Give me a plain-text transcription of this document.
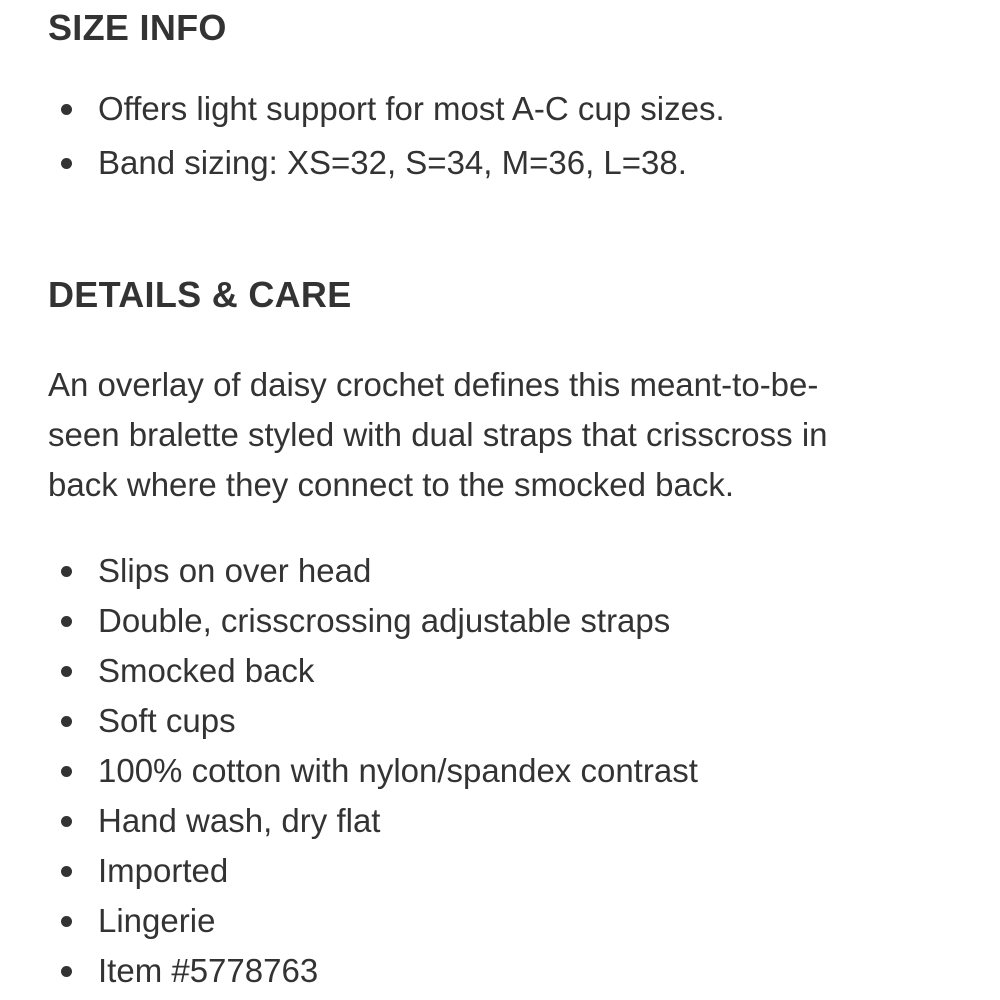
SIZE INFO
Offers light support for most A-C cup sizes.
Band sizing: XS=32, S=34, M=36, L=38.
DETAILS & CARE

An overlay of daisy crochet defines this meant-to-be-
seen bralette styled with dual straps that crisscross in
back where they connect to the smocked back.

Slips on over head
Double, crisscrossing adjustable straps
Smocked back
Soft cups
100% cotton with nylon/spandex contrast
Hand wash, dry flat
Imported
Lingerie
Item #5778763
